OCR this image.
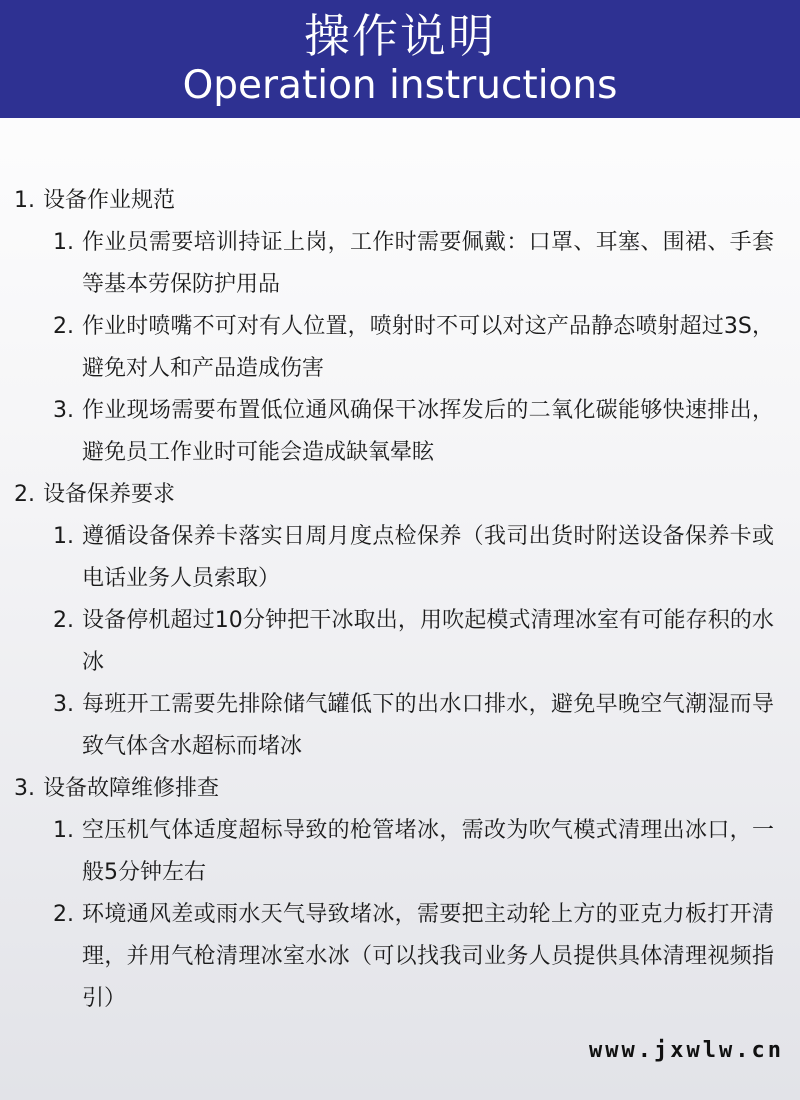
操作说明
Operation instructions
1. 设备作业规范
1. 作业员需要培训持证上岗，工作时需要佩戴：口罩、耳塞、围裙、手套等基本劳保防护用品
2. 作业时喷嘴不可对有人位置，喷射时不可以对这产品静态喷射超过3S，避免对人和产品造成伤害
3. 作业现场需要布置低位通风确保干冰挥发后的二氧化碳能够快速排出，避免员工作业时可能会造成缺氧晕眩
2. 设备保养要求
1. 遵循设备保养卡落实日周月度点检保养（我司出货时附送设备保养卡或电话业务人员索取）
2. 设备停机超过10分钟把干冰取出，用吹起模式清理冰室有可能存积的水冰
3. 每班开工需要先排除储气罐低下的出水口排水，避免早晚空气潮湿而导致气体含水超标而堵冰
3. 设备故障维修排查
1. 空压机气体适度超标导致的枪管堵冰，需改为吹气模式清理出冰口，一般5分钟左右
2. 环境通风差或雨水天气导致堵冰，需要把主动轮上方的亚克力板打开清理，并用气枪清理冰室水冰（可以找我司业务人员提供具体清理视频指引）
www.jxwlw.cn
